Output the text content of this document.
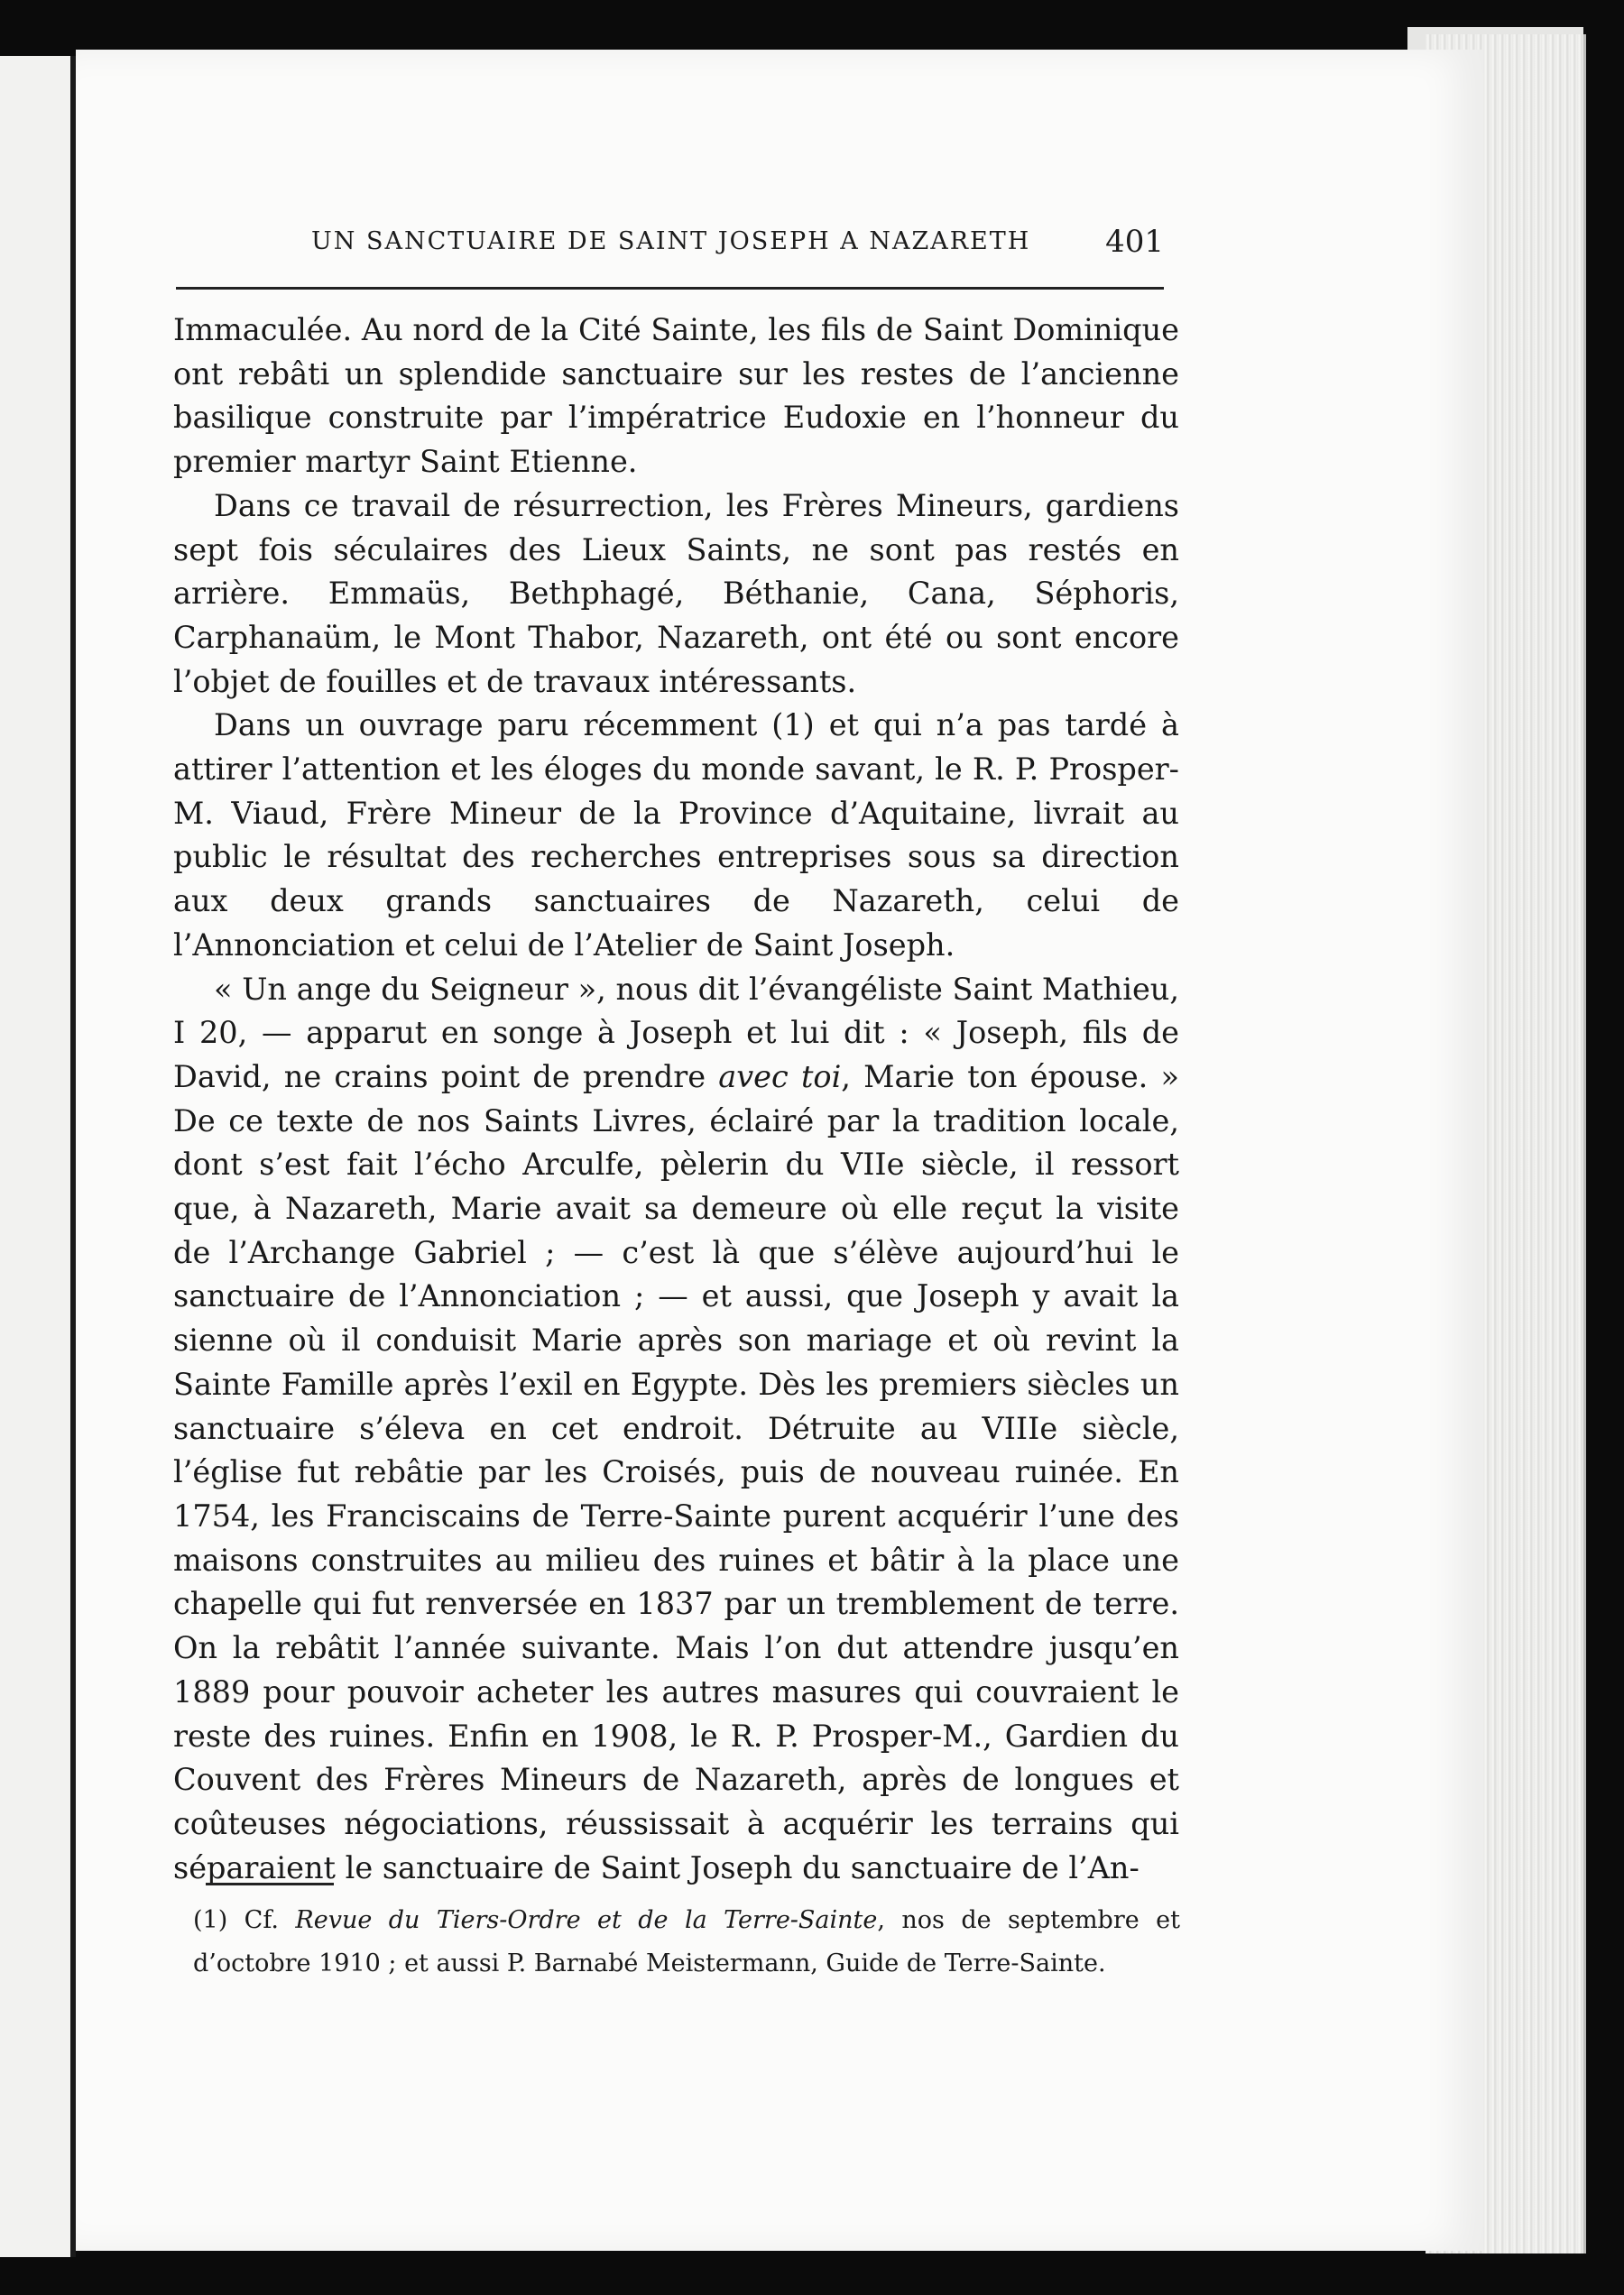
UN SANCTUAIRE DE SAINT JOSEPH A NAZARETH 401

Immaculée. Au nord de la Cité Sainte, les fils de Saint Dominique ont rebâti un splendide sanctuaire sur les restes de l’ancienne basilique construite par l’impératrice Eudoxie en l’honneur du premier martyr Saint Etienne.

Dans ce travail de résurrection, les Frères Mineurs, gardiens sept fois séculaires des Lieux Saints, ne sont pas restés en arrière. Emmaüs, Bethphagé, Béthanie, Cana, Séphoris, Carphanaüm, le Mont Thabor, Nazareth, ont été ou sont encore l’objet de fouilles et de travaux intéressants.

Dans un ouvrage paru récemment (1) et qui n’a pas tardé à attirer l’attention et les éloges du monde savant, le R. P. Prosper-M. Viaud, Frère Mineur de la Province d’Aquitaine, livrait au public le résultat des recherches entreprises sous sa direction aux deux grands sanctuaires de Nazareth, celui de l’Annonciation et celui de l’Atelier de Saint Joseph.

« Un ange du Seigneur », nous dit l’évangéliste Saint Mathieu, I 20, — apparut en songe à Joseph et lui dit : « Joseph, fils de David, ne crains point de prendre avec toi, Marie ton épouse. » De ce texte de nos Saints Livres, éclairé par la tradition locale, dont s’est fait l’écho Arculfe, pèlerin du VIIe siècle, il ressort que, à Nazareth, Marie avait sa demeure où elle reçut la visite de l’Archange Gabriel ; — c’est là que s’élève aujourd’hui le sanctuaire de l’Annonciation ; — et aussi, que Joseph y avait la sienne où il conduisit Marie après son mariage et où revint la Sainte Famille après l’exil en Egypte. Dès les premiers siècles un sanctuaire s’éleva en cet endroit. Détruite au VIIIe siècle, l’église fut rebâtie par les Croisés, puis de nouveau ruinée. En 1754, les Franciscains de Terre-Sainte purent acquérir l’une des maisons construites au milieu des ruines et bâtir à la place une chapelle qui fut renversée en 1837 par un tremblement de terre. On la rebâtit l’année suivante. Mais l’on dut attendre jusqu’en 1889 pour pouvoir acheter les autres masures qui couvraient le reste des ruines. Enfin en 1908, le R. P. Prosper-M., Gardien du Couvent des Frères Mineurs de Nazareth, après de longues et coûteuses négociations, réussissait à acquérir les terrains qui séparaient le sanctuaire de Saint Joseph du sanctuaire de l’An-

(1) Cf. Revue du Tiers-Ordre et de la Terre-Sainte, nos de septembre et d’octobre 1910 ; et aussi P. Barnabé Meistermann, Guide de Terre-Sainte.
